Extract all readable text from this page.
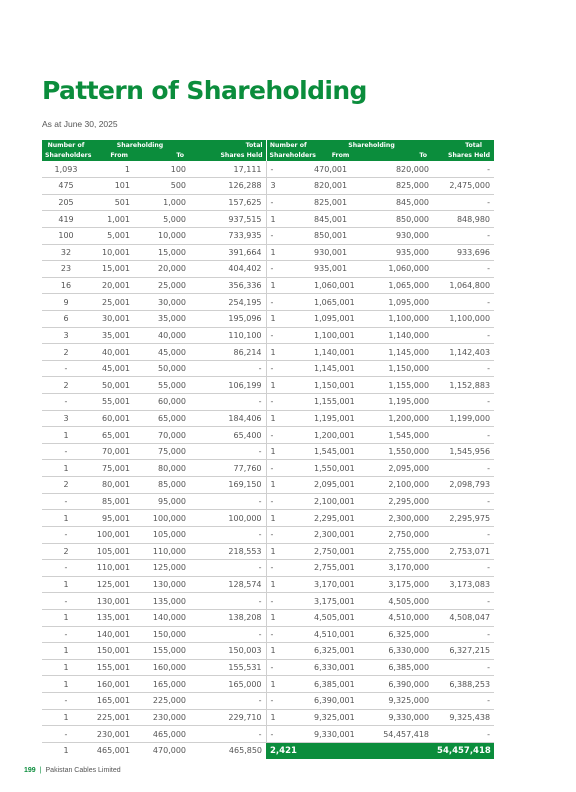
Pattern of Shareholding
As at June 30, 2025
Number of	Shareholding		Total	Number of	Shareholding		Total
Shareholders	From	To	Shares Held	Shareholders	From	To	Shares Held
1,093	1	100	17,111	-	470,001	820,000	-
475	101	500	126,288	3	820,001	825,000	2,475,000
205	501	1,000	157,625	-	825,001	845,000	-
419	1,001	5,000	937,515	1	845,001	850,000	848,980
100	5,001	10,000	733,935	-	850,001	930,000	-
32	10,001	15,000	391,664	1	930,001	935,000	933,696
23	15,001	20,000	404,402	-	935,001	1,060,000	-
16	20,001	25,000	356,336	1	1,060,001	1,065,000	1,064,800
9	25,001	30,000	254,195	-	1,065,001	1,095,000	-
6	30,001	35,000	195,096	1	1,095,001	1,100,000	1,100,000
3	35,001	40,000	110,100	-	1,100,001	1,140,000	-
2	40,001	45,000	86,214	1	1,140,001	1,145,000	1,142,403
-	45,001	50,000	-	-	1,145,001	1,150,000	-
2	50,001	55,000	106,199	1	1,150,001	1,155,000	1,152,883
-	55,001	60,000	-	-	1,155,001	1,195,000	-
3	60,001	65,000	184,406	1	1,195,001	1,200,000	1,199,000
1	65,001	70,000	65,400	-	1,200,001	1,545,000	-
-	70,001	75,000	-	1	1,545,001	1,550,000	1,545,956
1	75,001	80,000	77,760	-	1,550,001	2,095,000	-
2	80,001	85,000	169,150	1	2,095,001	2,100,000	2,098,793
-	85,001	95,000	-	-	2,100,001	2,295,000	-
1	95,001	100,000	100,000	1	2,295,001	2,300,000	2,295,975
-	100,001	105,000	-	-	2,300,001	2,750,000	-
2	105,001	110,000	218,553	1	2,750,001	2,755,000	2,753,071
-	110,001	125,000	-	-	2,755,001	3,170,000	-
1	125,001	130,000	128,574	1	3,170,001	3,175,000	3,173,083
-	130,001	135,000	-	-	3,175,001	4,505,000	-
1	135,001	140,000	138,208	1	4,505,001	4,510,000	4,508,047
-	140,001	150,000	-	-	4,510,001	6,325,000	-
1	150,001	155,000	150,003	1	6,325,001	6,330,000	6,327,215
1	155,001	160,000	155,531	-	6,330,001	6,385,000	-
1	160,001	165,000	165,000	1	6,385,001	6,390,000	6,388,253
-	165,001	225,000	-	-	6,390,001	9,325,000	-
1	225,001	230,000	229,710	1	9,325,001	9,330,000	9,325,438
-	230,001	465,000	-	-	9,330,001	54,457,418	-
1	465,001	470,000	465,850	2,421			54,457,418
199 | Pakistan Cables Limited
